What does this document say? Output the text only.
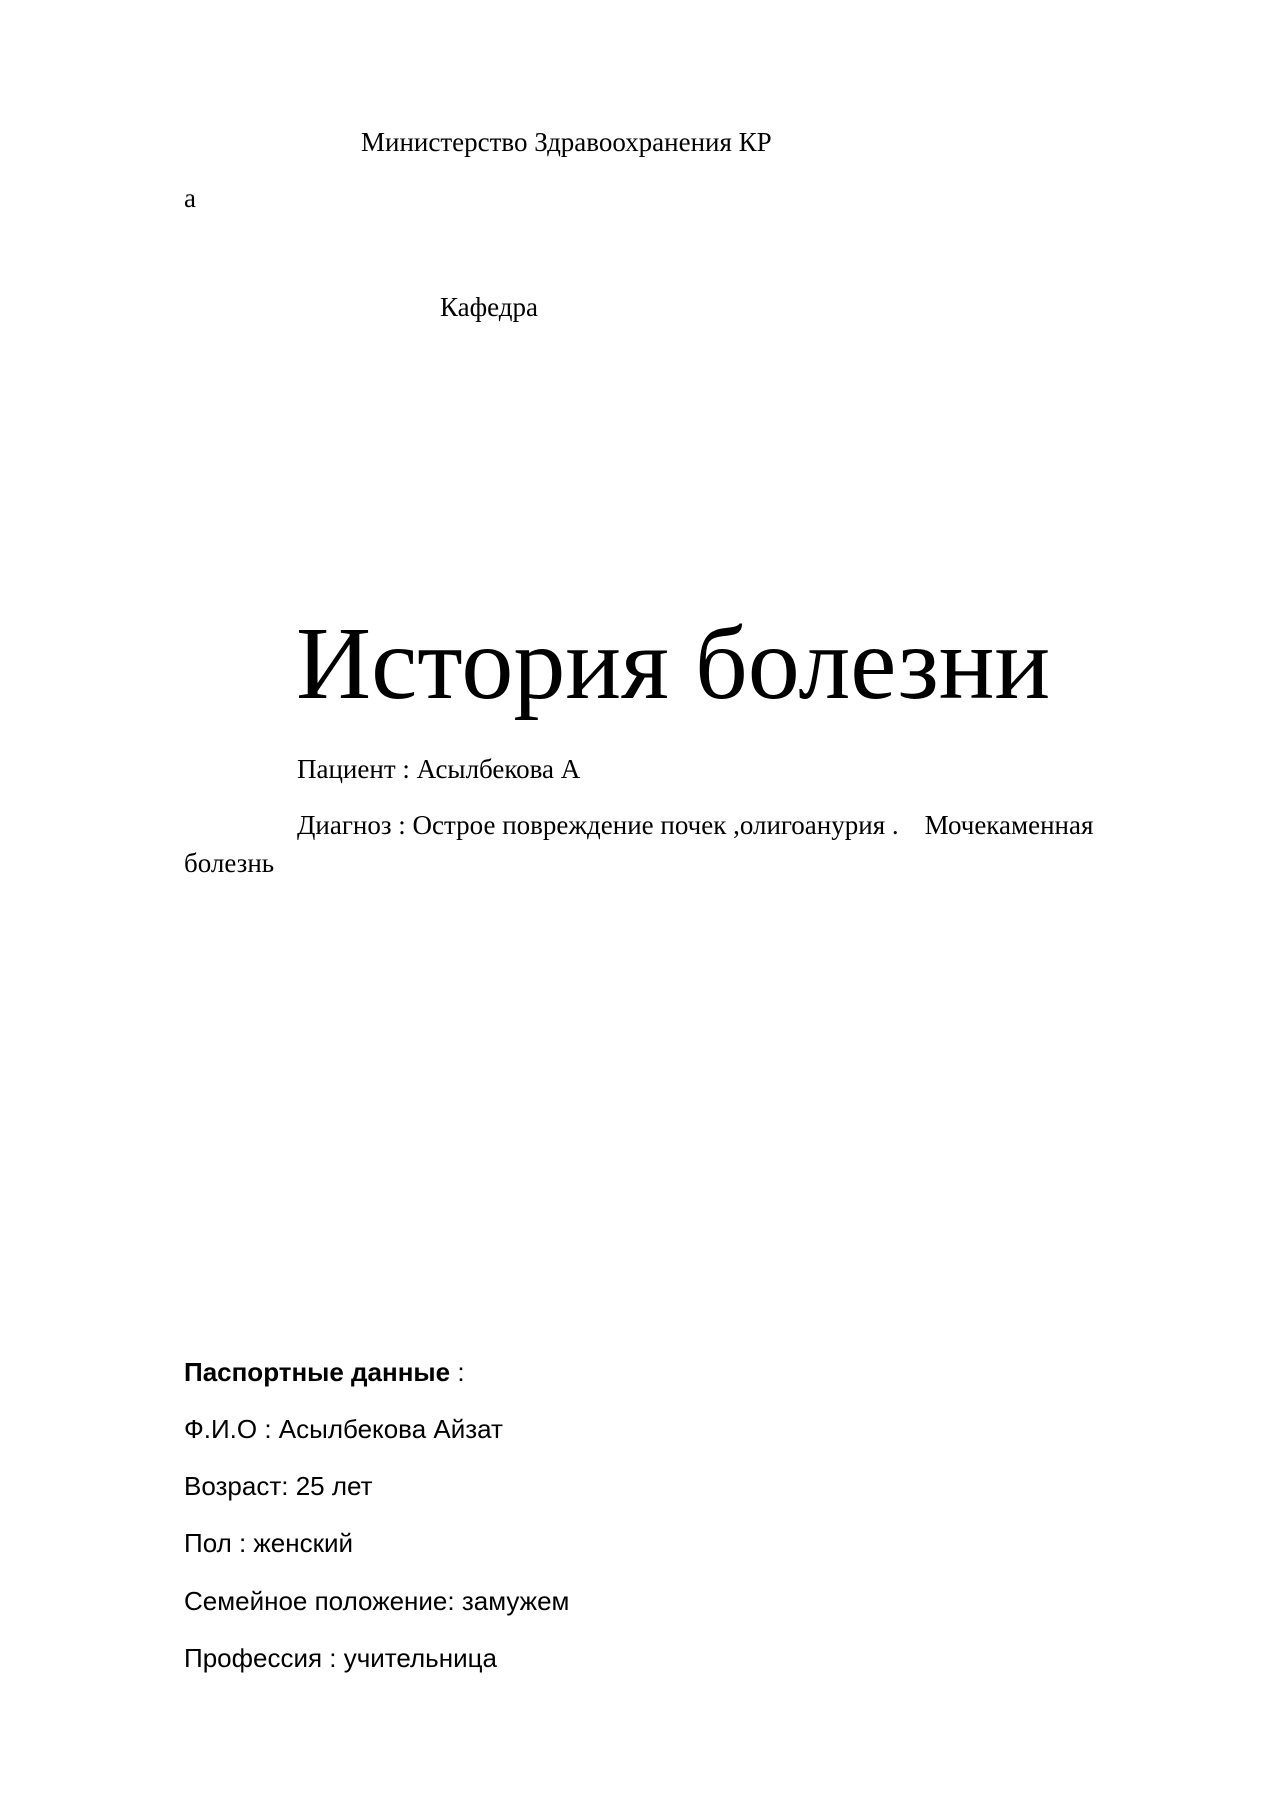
Министерство Здравоохранения КР
а
Кафедра
История болезни
Пациент : Асылбекова А
Диагноз : Острое повреждение почек ,олигоанурия . Мочекаменная
болезнь
Паспортные данные :
Ф.И.О : Асылбекова Айзат
Возраст: 25 лет
Пол : женский
Семейное положение: замужем
Профессия : учительница
